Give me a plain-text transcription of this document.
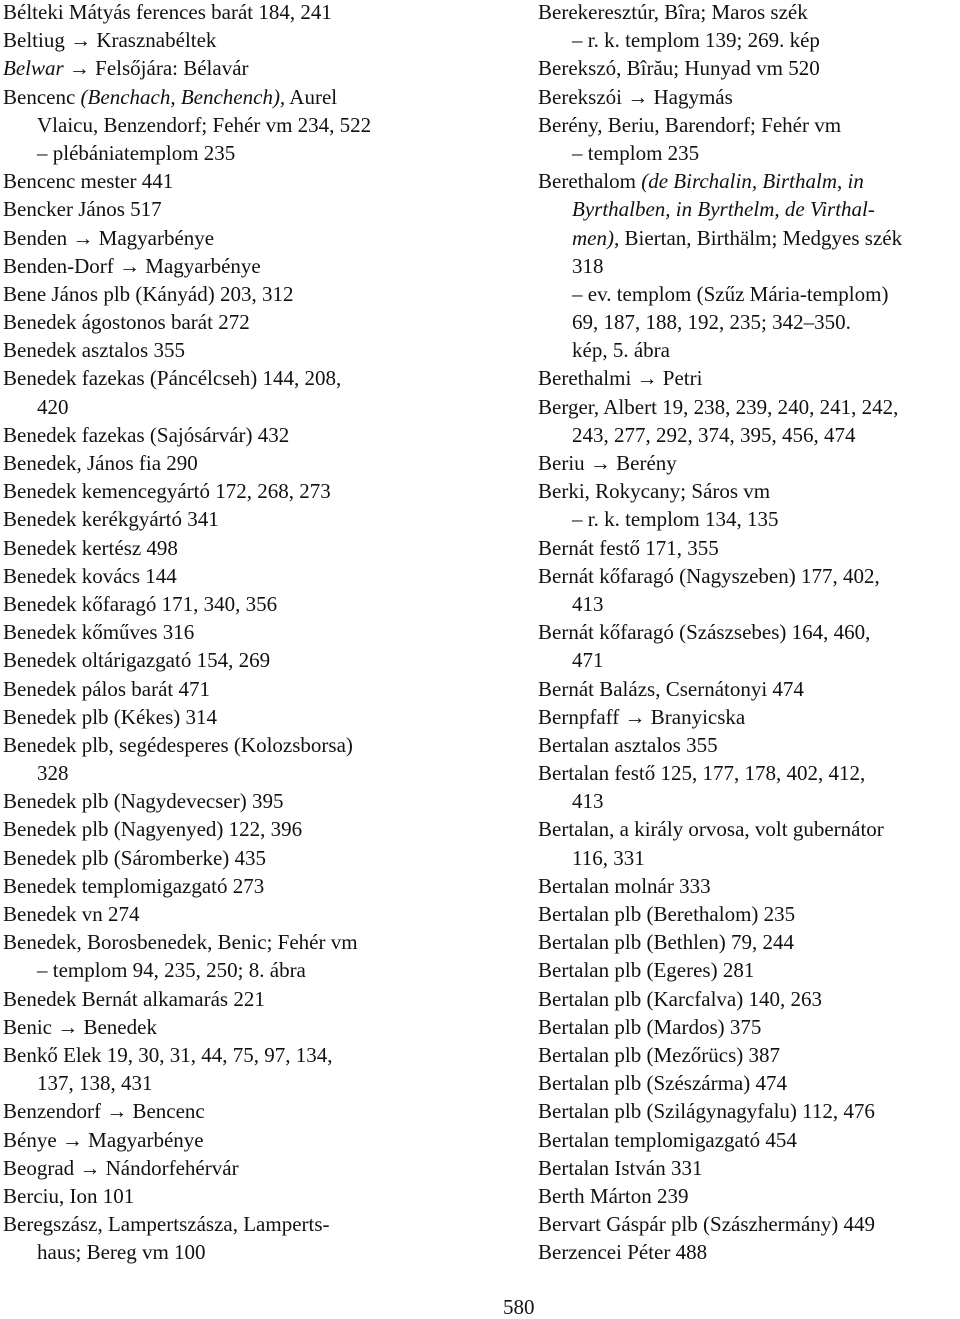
Bélteki Mátyás ferences barát 184, 241
Beltiug → Krasznabéltek
Belwar → Felsőjára: Bélavár
Bencenc (Benchach, Benchench), Aurel
Vlaicu, Benzendorf; Fehér vm 234, 522
– plébániatemplom 235
Bencenc mester 441
Bencker János 517
Benden → Magyarbénye
Benden-Dorf → Magyarbénye
Bene János plb (Kányád) 203, 312
Benedek ágostonos barát 272
Benedek asztalos 355
Benedek fazekas (Páncélcseh) 144, 208,
420
Benedek fazekas (Sajósárvár) 432
Benedek, János fia 290
Benedek kemencegyártó 172, 268, 273
Benedek kerékgyártó 341
Benedek kertész 498
Benedek kovács 144
Benedek kőfaragó 171, 340, 356
Benedek kőműves 316
Benedek oltárigazgató 154, 269
Benedek pálos barát 471
Benedek plb (Kékes) 314
Benedek plb, segédesperes (Kolozsborsa)
328
Benedek plb (Nagydevecser) 395
Benedek plb (Nagyenyed) 122, 396
Benedek plb (Sáromberke) 435
Benedek templomigazgató 273
Benedek vn 274
Benedek, Borosbenedek, Benic; Fehér vm
– templom 94, 235, 250; 8. ábra
Benedek Bernát alkamarás 221
Benic → Benedek
Benkő Elek 19, 30, 31, 44, 75, 97, 134,
137, 138, 431
Benzendorf → Bencenc
Bénye → Magyarbénye
Beograd → Nándorfehérvár
Berciu, Ion 101
Beregszász, Lampertszásza, Lamperts-
haus; Bereg vm 100
Berekeresztúr, Bîra; Maros szék
– r. k. templom 139; 269. kép
Berekszó, Bîrău; Hunyad vm 520
Berekszói → Hagymás
Berény, Beriu, Barendorf; Fehér vm
– templom 235
Berethalom (de Birchalin, Birthalm, in
Byrthalben, in Byrthelm, de Virthal-
men), Biertan, Birthälm; Medgyes szék
318
– ev. templom (Szűz Mária-templom)
69, 187, 188, 192, 235; 342–350.
kép, 5. ábra
Berethalmi → Petri
Berger, Albert 19, 238, 239, 240, 241, 242,
243, 277, 292, 374, 395, 456, 474
Beriu → Berény
Berki, Rokycany; Sáros vm
– r. k. templom 134, 135
Bernát festő 171, 355
Bernát kőfaragó (Nagyszeben) 177, 402,
413
Bernát kőfaragó (Szászsebes) 164, 460,
471
Bernát Balázs, Csernátonyi 474
Bernpfaff → Branyicska
Bertalan asztalos 355
Bertalan festő 125, 177, 178, 402, 412,
413
Bertalan, a király orvosa, volt gubernátor
116, 331
Bertalan molnár 333
Bertalan plb (Berethalom) 235
Bertalan plb (Bethlen) 79, 244
Bertalan plb (Egeres) 281
Bertalan plb (Karcfalva) 140, 263
Bertalan plb (Mardos) 375
Bertalan plb (Mezőrücs) 387
Bertalan plb (Szészárma) 474
Bertalan plb (Szilágynagyfalu) 112, 476
Bertalan templomigazgató 454
Bertalan István 331
Berth Márton 239
Bervart Gáspár plb (Szászhermány) 449
Berzencei Péter 488
580
